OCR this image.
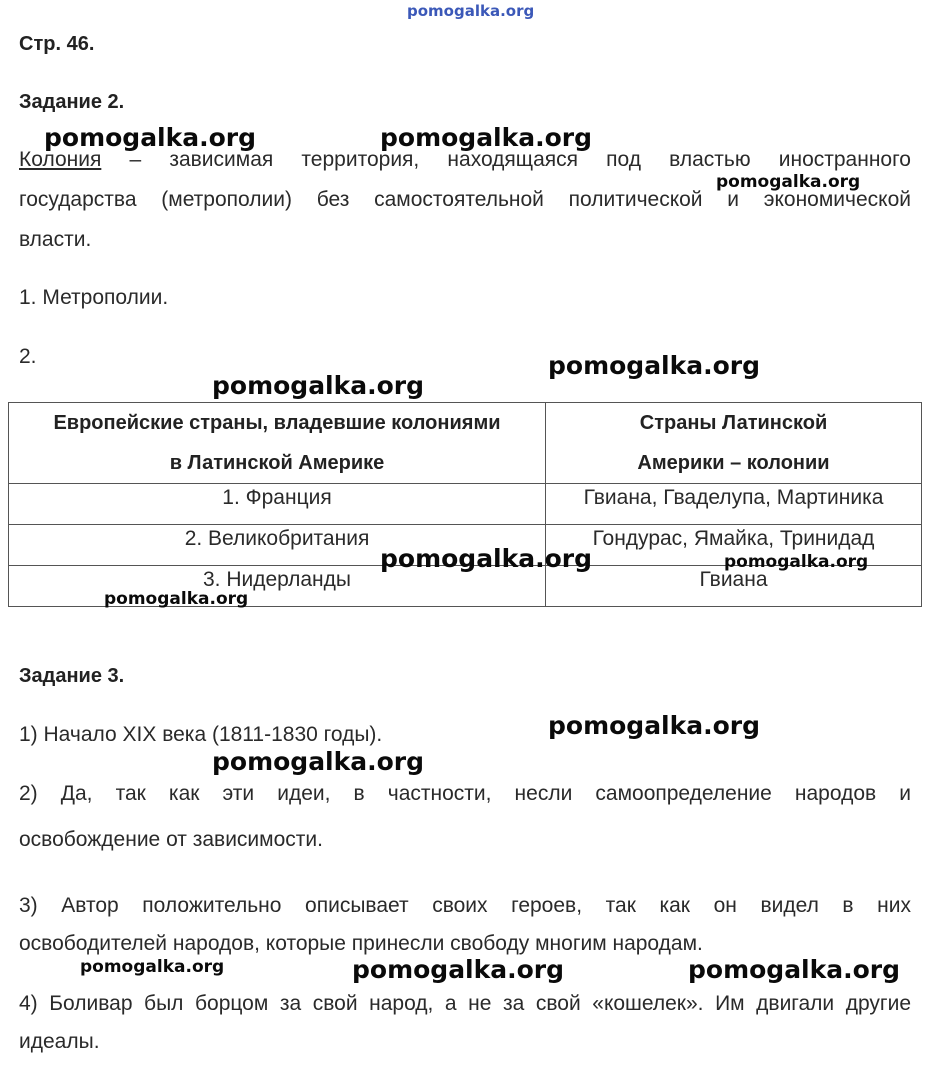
pomogalka.org
Стр. 46.
Задание 2.
Колония – зависимая территория, находящаяся под властью иностранного
государства (метрополии) без самостоятельной политической и экономической
власти.
1. Метрополии.
2.
Европейские страны, владевшие колониями в Латинской Америке	Страны Латинской Америки – колонии
1. Франция	Гвиана, Гваделупа, Мартиника
2. Великобритания	Гондурас, Ямайка, Тринидад
3. Нидерланды	Гвиана
Задание 3.
1) Начало XIX века (1811-1830 годы).
2) Да, так как эти идеи, в частности, несли самоопределение народов и
освобождение от зависимости.
3) Автор положительно описывает своих героев, так как он видел в них
освободителей народов, которые принесли свободу многим народам.
4) Боливар был борцом за свой народ, а не за свой «кошелек». Им двигали другие
идеалы.
pomogalka.org	pomogalka.org
pomogalka.org
pomogalka.org
pomogalka.org
pomogalka.org	pomogalka.org
pomogalka.org
pomogalka.org
pomogalka.org
pomogalka.org	pomogalka.org	pomogalka.org
